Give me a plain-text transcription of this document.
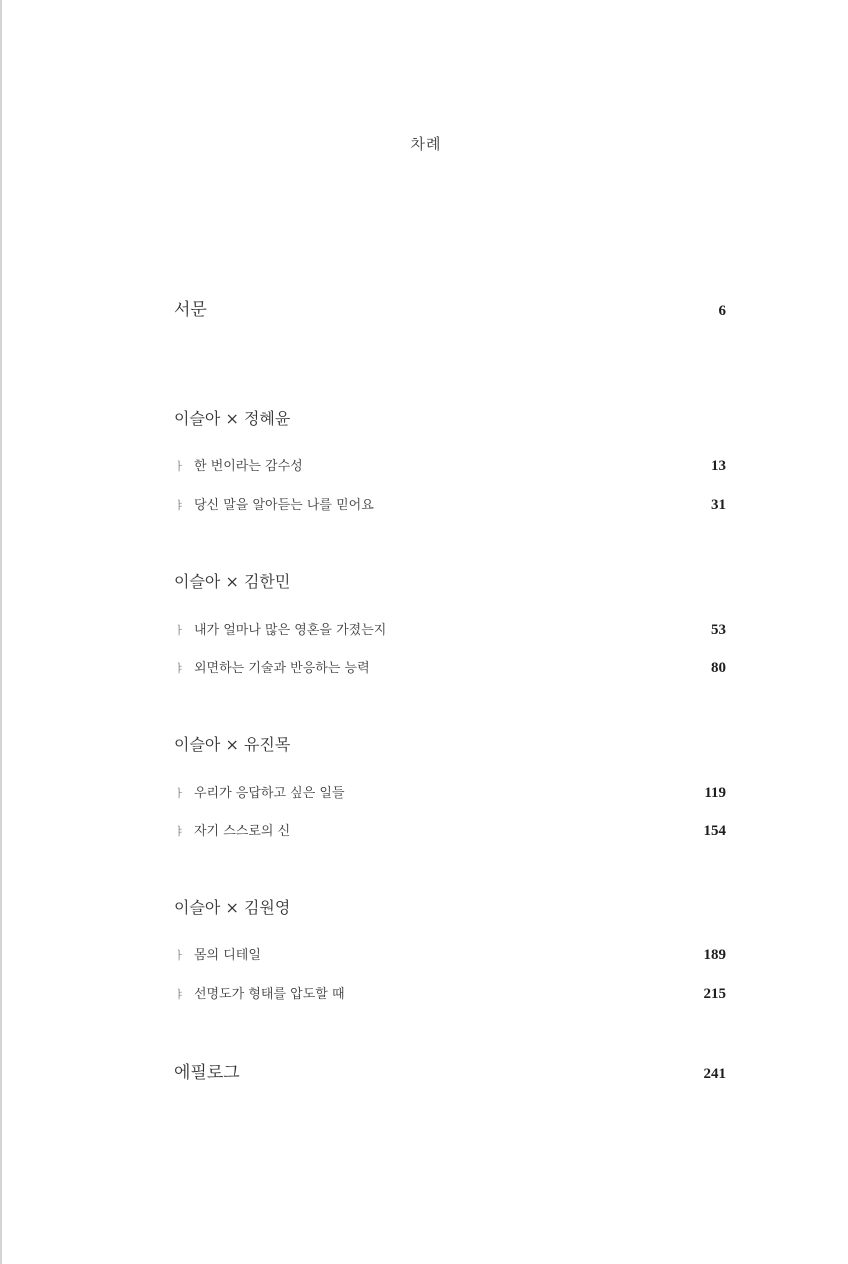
차례
서문	6
이슬아 × 정혜윤
ㅏ 한 번이라는 감수성	13
ㅑ 당신 말을 알아듣는 나를 믿어요	31
이슬아 × 김한민
ㅏ 내가 얼마나 많은 영혼을 가졌는지	53
ㅑ 외면하는 기술과 반응하는 능력	80
이슬아 × 유진목
ㅏ 우리가 응답하고 싶은 일들	119
ㅑ 자기 스스로의 신	154
이슬아 × 김원영
ㅏ 몸의 디테일	189
ㅑ 선명도가 형태를 압도할 때	215
에필로그	241
